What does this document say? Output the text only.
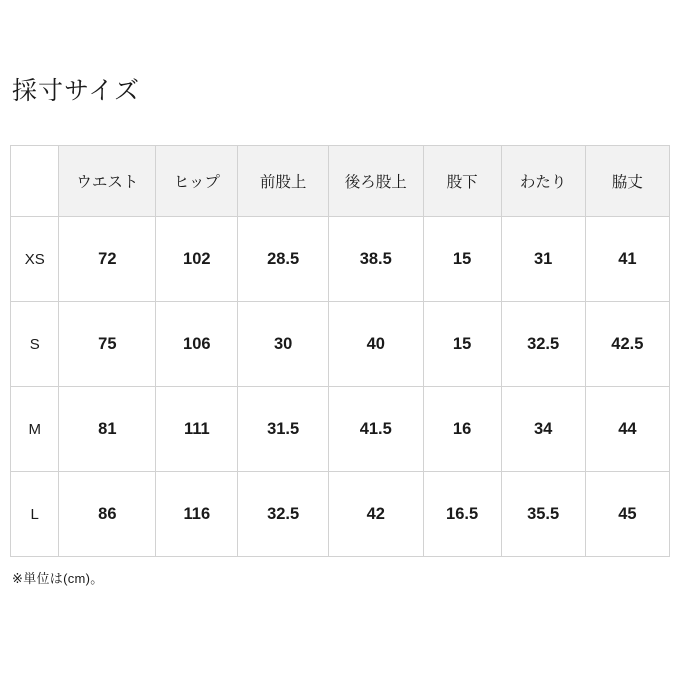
採寸サイズ
	ウエスト	ヒップ	前股上	後ろ股上	股下	わたり	脇丈
XS	72	102	28.5	38.5	15	31	41
S	75	106	30	40	15	32.5	42.5
M	81	111	31.5	41.5	16	34	44
L	86	116	32.5	42	16.5	35.5	45
※単位は(cm)。
